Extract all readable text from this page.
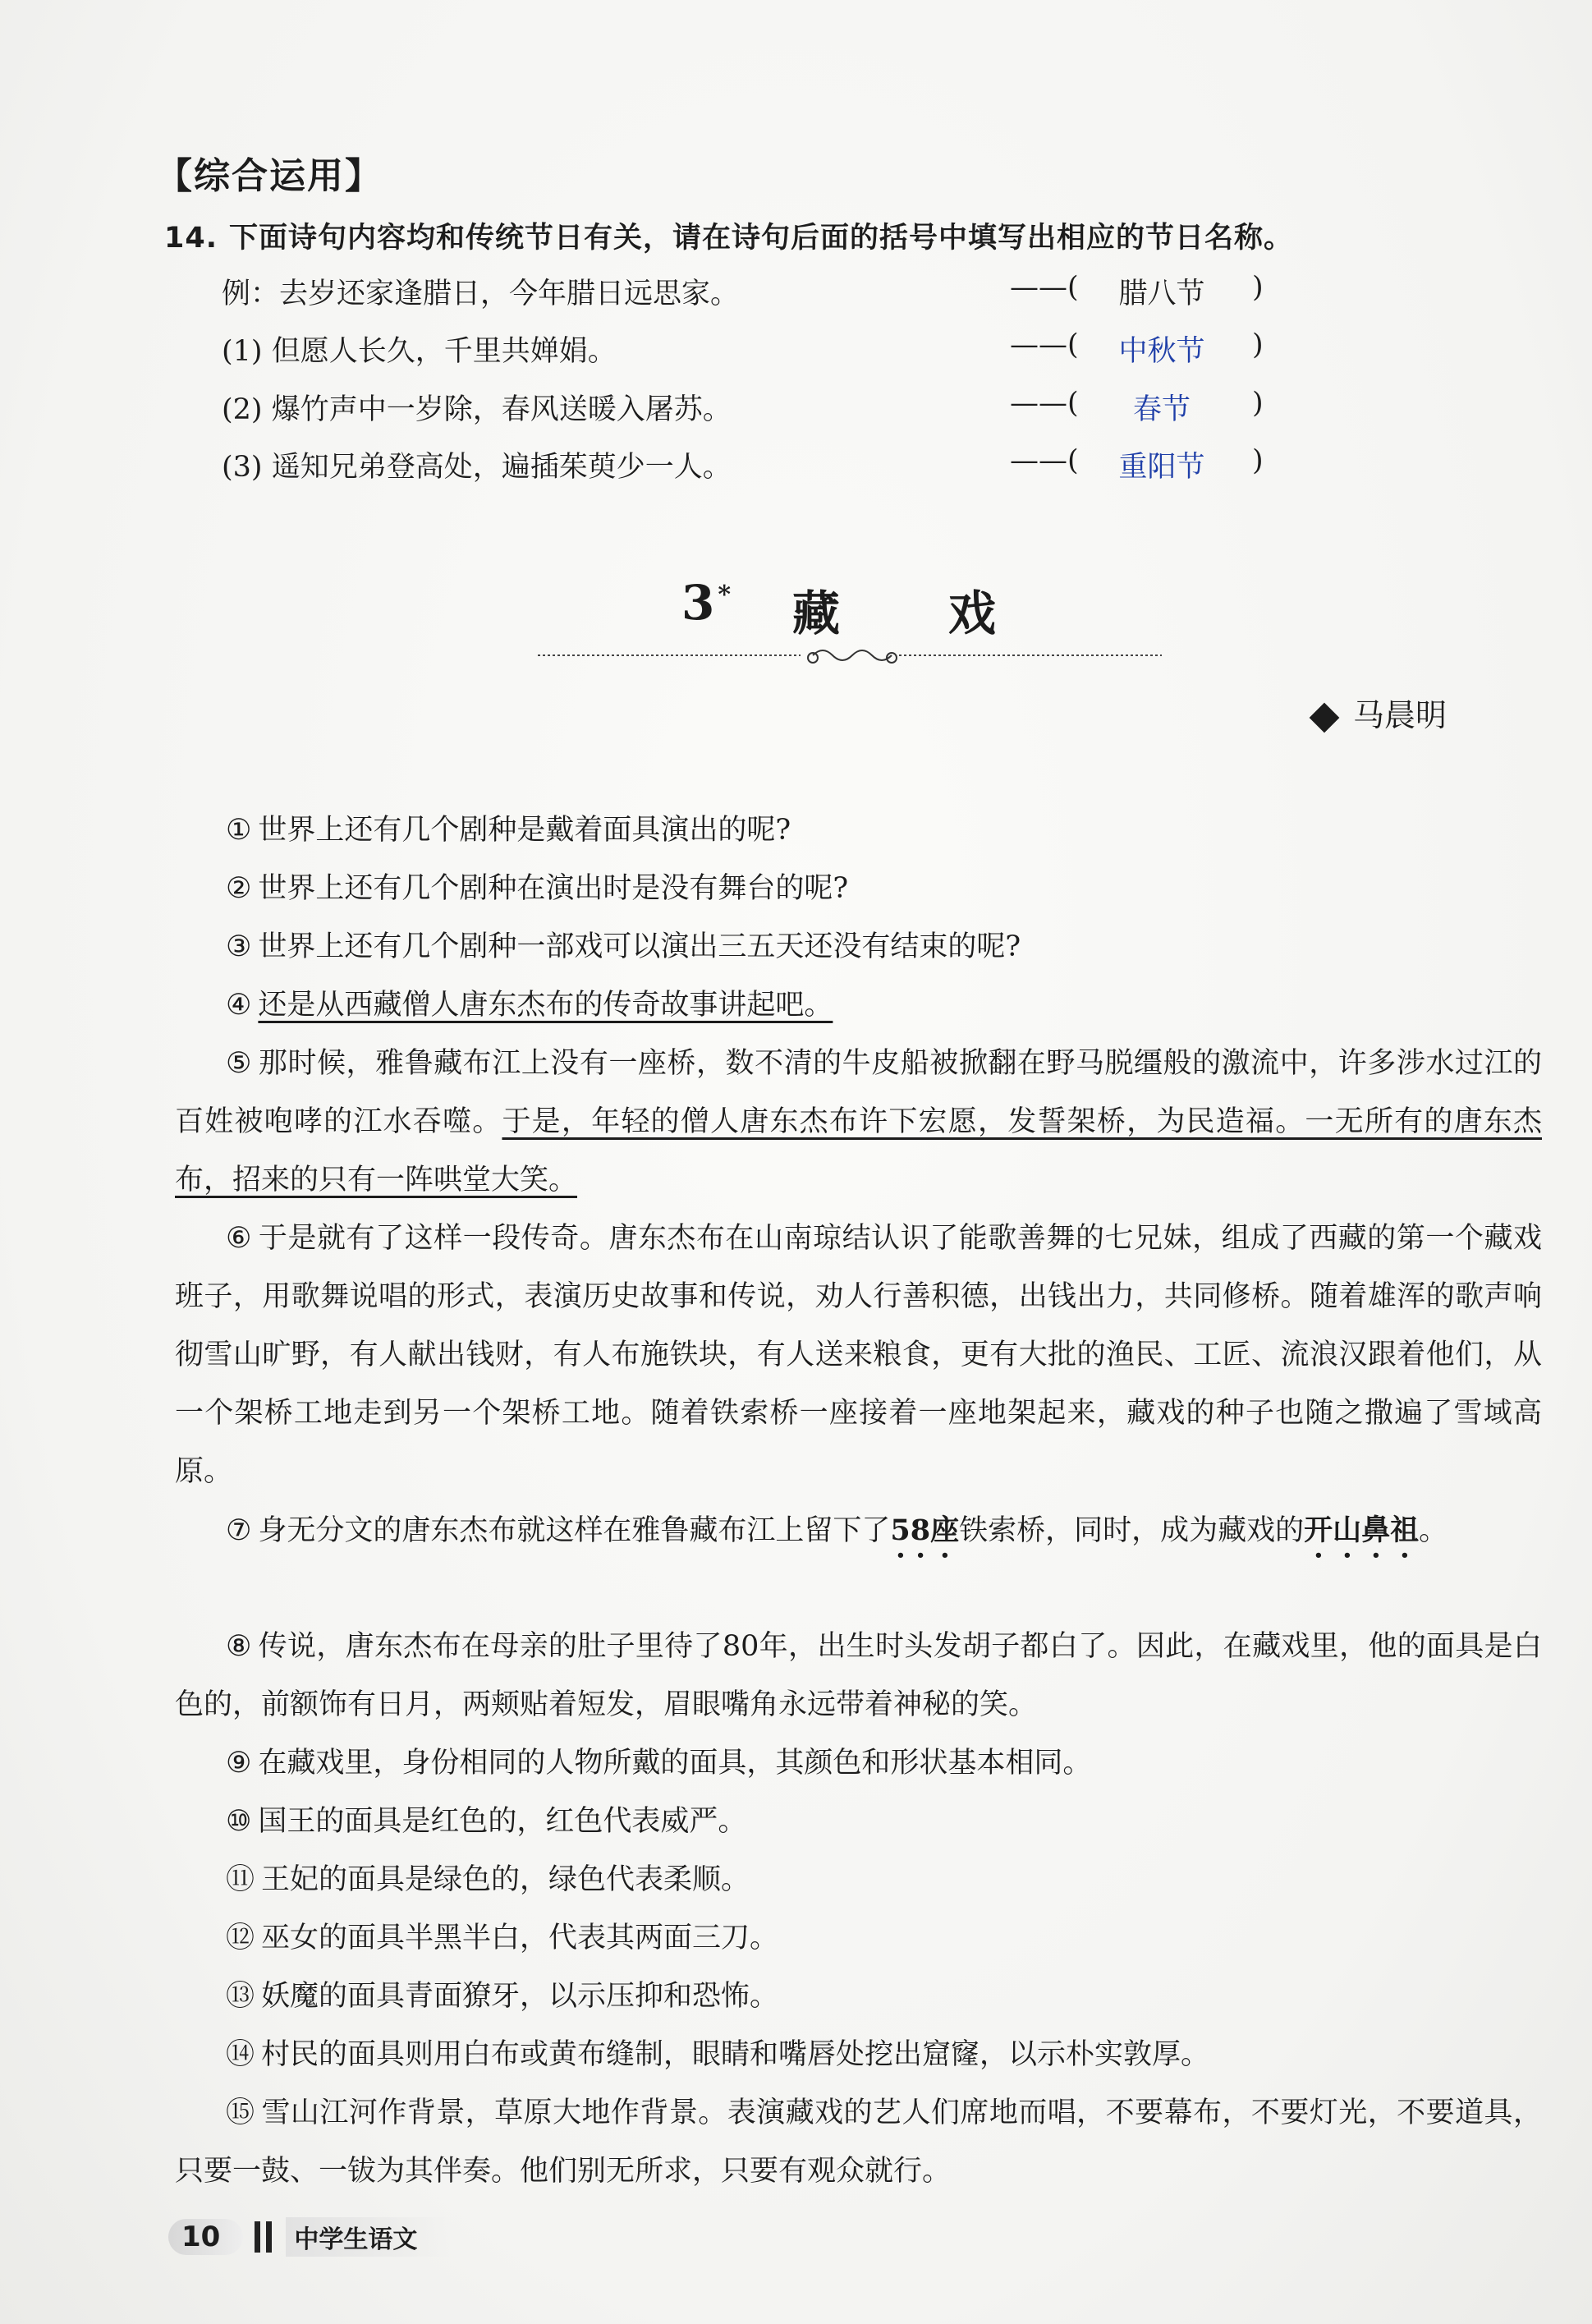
【综合运用】
14. 下面诗句内容均和传统节日有关，请在诗句后面的括号中填写出相应的节日名称。
例：去岁还家逢腊日，今年腊日远思家。	——(	腊八节	)
(1) 但愿人长久，千里共婵娟。	——(	中秋节	)
(2) 爆竹声中一岁除，春风送暖入屠苏。	——(	春节	)
(3) 遥知兄弟登高处，遍插茱萸少一人。	——(	重阳节	)
3 * 藏 戏
马晨明
① 世界上还有几个剧种是戴着面具演出的呢?
② 世界上还有几个剧种在演出时是没有舞台的呢?
③ 世界上还有几个剧种一部戏可以演出三五天还没有结束的呢?
④ 还是从西藏僧人唐东杰布的传奇故事讲起吧。
⑤ 那时候，雅鲁藏布江上没有一座桥，数不清的牛皮船被掀翻在野马脱缰般的激流中，许多涉水过江的百姓被咆哮的江水吞噬。于是，年轻的僧人唐东杰布许下宏愿，发誓架桥，为民造福。一无所有的唐东杰布，招来的只有一阵哄堂大笑。
⑥ 于是就有了这样一段传奇。唐东杰布在山南琼结认识了能歌善舞的七兄妹，组成了西藏的第一个藏戏班子，用歌舞说唱的形式，表演历史故事和传说，劝人行善积德，出钱出力，共同修桥。随着雄浑的歌声响彻雪山旷野，有人献出钱财，有人布施铁块，有人送来粮食，更有大批的渔民、工匠、流浪汉跟着他们，从一个架桥工地走到另一个架桥工地。随着铁索桥一座接着一座地架起来，藏戏的种子也随之撒遍了雪域高原。
⑦ 身无分文的唐东杰布就这样在雅鲁藏布江上留下了58座铁索桥，同时，成为藏戏的开山鼻祖。
⑧ 传说，唐东杰布在母亲的肚子里待了80年，出生时头发胡子都白了。因此，在藏戏里，他的面具是白色的，前额饰有日月，两颊贴着短发，眉眼嘴角永远带着神秘的笑。
⑨ 在藏戏里，身份相同的人物所戴的面具，其颜色和形状基本相同。
⑩ 国王的面具是红色的，红色代表威严。
⑪ 王妃的面具是绿色的，绿色代表柔顺。
⑫ 巫女的面具半黑半白，代表其两面三刀。
⑬ 妖魔的面具青面獠牙，以示压抑和恐怖。
⑭ 村民的面具则用白布或黄布缝制，眼睛和嘴唇处挖出窟窿，以示朴实敦厚。
⑮ 雪山江河作背景，草原大地作背景。表演藏戏的艺人们席地而唱，不要幕布，不要灯光，不要道具，只要一鼓、一钹为其伴奏。他们别无所求，只要有观众就行。
10	中学生语文
